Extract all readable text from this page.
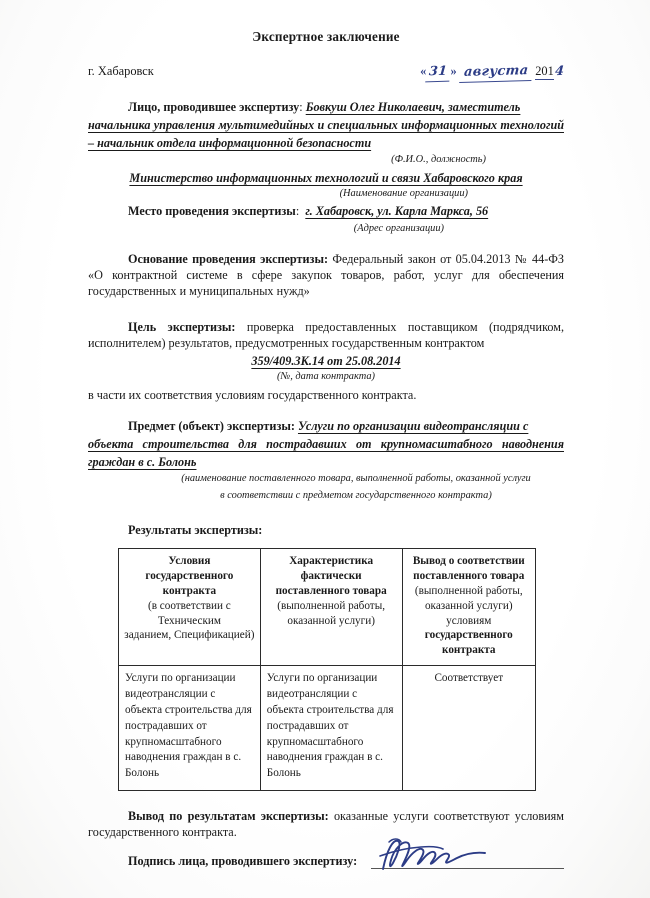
Экспертное заключение
г. Хабаровск	« 31 » августа 2014

Лицо, проводившее экспертизу: Бовкуш Олег Николаевич, заместитель

начальника управления мультимедийных и специальных информационных технологий

– начальник отдела информационной безопасности

(Ф.И.О., должность)
Министерство информационных технологий и связи Хабаровского края
(Наименование организации)

Место проведения экспертизы: г. Хабаровск, ул. Карла Маркса, 56

(Адрес организации)

Основание проведения экспертизы: Федеральный закон от 05.04.2013 № 44-ФЗ «О контрактной системе в сфере закупок товаров, работ, услуг для обеспечения государственных и муниципальных нужд»

Цель экспертизы: проверка предоставленных поставщиком (подрядчиком, исполнителем) результатов, предусмотренных государственным контрактом

359/409.ЗК.14 от 25.08.2014
(№, дата контракта)

в части их соответствия условиям государственного контракта.

Предмет (объект) экспертизы: Услуги по организации видеотрансляции с

объекта строительства для пострадавших от крупномасштабного наводнения

граждан в с. Болонь

(наименование поставленного товара, выполненной работы, оказанной услуги
в соответствии с предметом государственного контракта)
Результаты экспертизы:
Условия государственного
контракта
(в соответствии с Техническим
заданием, Спецификацией)	Характеристика фактически
поставленного товара
(выполненной работы,
оказанной услуги)	Вывод о соответствии
поставленного товара
(выполненной работы,
оказанной услуги) условиям
государственного контракта

Услуги по организации видеотрансляции с объекта строительства для пострадавших от крупномасштабного наводнения граждан в с. Болонь	Услуги по организации видеотрансляции с объекта строительства для пострадавших от крупномасштабного наводнения граждан в с. Болонь	Соответствует

Вывод по результатам экспертизы: оказанные услуги соответствуют условиям государственного контракта.

Подпись лица, проводившего экспертизу:
